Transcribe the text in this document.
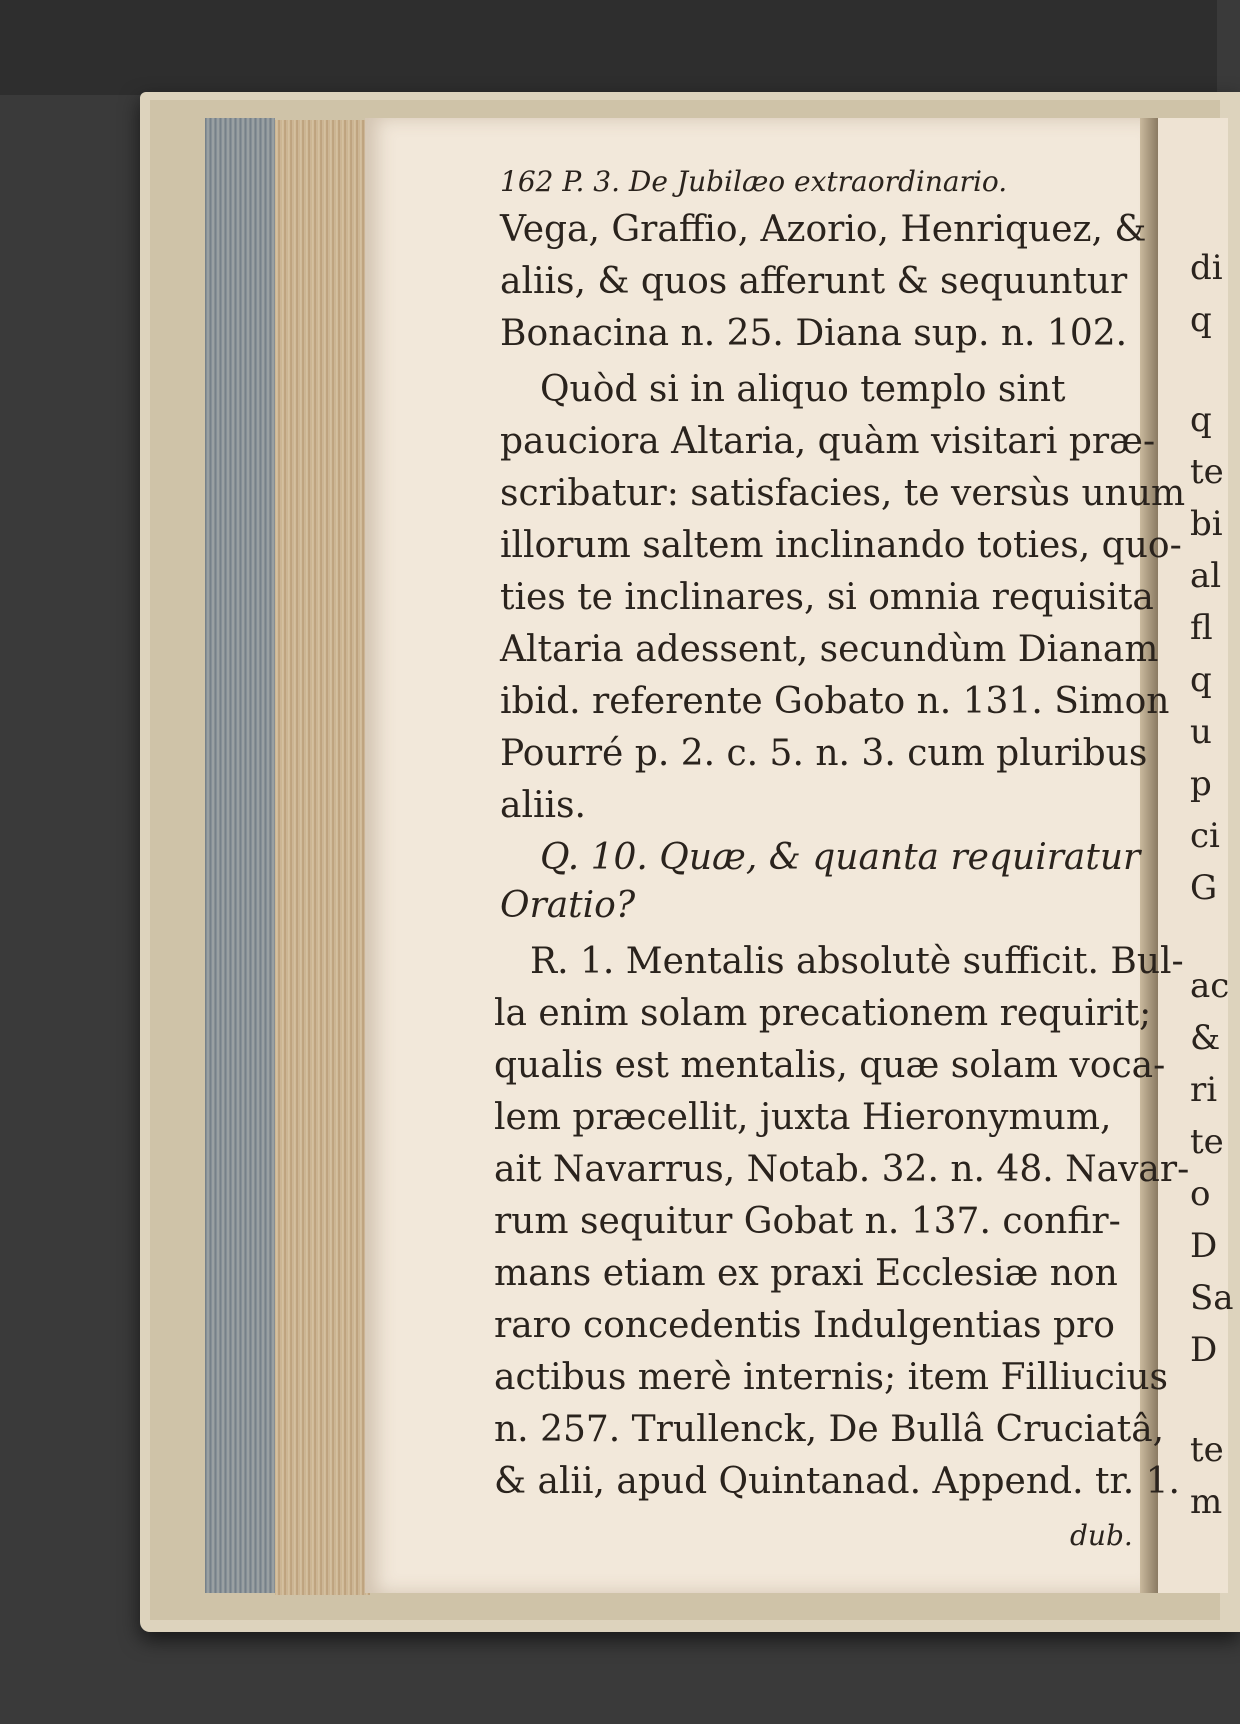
162 P. 3. De Jubilæo extraordinario.
Vega, Graffio, Azorio, Henriquez, &
aliis, & quos afferunt & sequuntur
Bonacina n. 25. Diana sup. n. 102.
Quòd si in aliquo templo sint
pauciora Altaria, quàm visitari præ-
scribatur: satisfacies, te versùs unum
illorum saltem inclinando toties, quo-
ties te inclinares, si omnia requisita
Altaria adessent, secundùm Dianam
ibid. referente Gobato n. 131. Simon
Pourré p. 2. c. 5. n. 3. cum pluribus
aliis.
Q. 10. Quæ, & quanta requiratur
Oratio?
R. 1. Mentalis absolutè sufficit. Bul-
la enim solam precationem requirit;
qualis est mentalis, quæ solam voca-
lem præcellit, juxta Hieronymum,
ait Navarrus, Notab. 32. n. 48. Navar-
rum sequitur Gobat n. 137. confir-
mans etiam ex praxi Ecclesiæ non
raro concedentis Indulgentias pro
actibus merè internis; item Filliucius
n. 257. Trullenck, De Bullâ Cruciatâ,
& alii, apud Quintanad. Append. tr. 1.
dub.
di
q
q
te
bi
al
fl
q
u
p
ci
G
ac
&
ri
te
o
D
Sa
D
te
m
